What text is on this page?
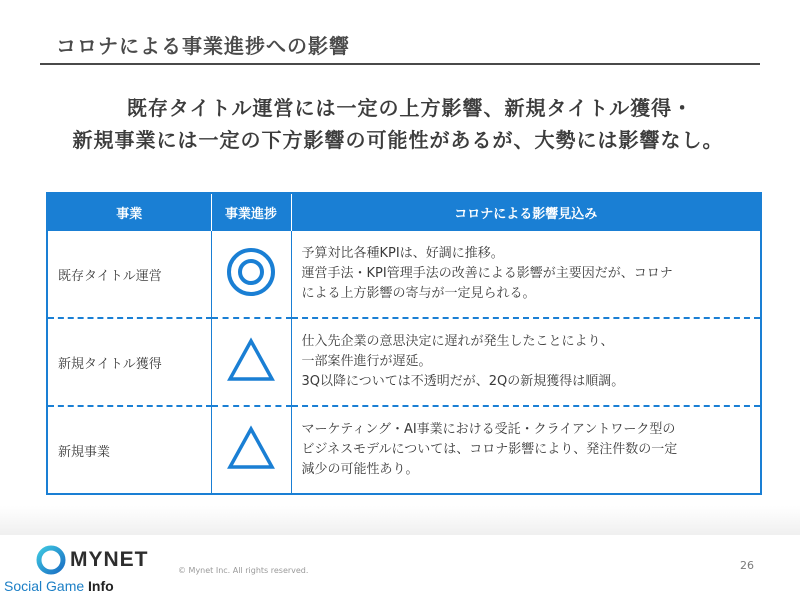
コロナによる事業進捗への影響
既存タイトル運営には一定の上方影響、新規タイトル獲得・
新規事業には一定の下方影響の可能性があるが、大勢には影響なし。
事業	事業進捗	コロナによる影響見込み
既存タイトル運営		予算対比各種KPIは、好調に推移。
運営手法・KPI管理手法の改善による影響が主要因だが、コロナ
による上方影響の寄与が一定見られる。

新規タイトル獲得		仕入先企業の意思決定に遅れが発生したことにより、
一部案件進行が遅延。
3Q以降については不透明だが、2Qの新規獲得は順調。

新規事業		マーケティング・AI事業における受託・クライアントワーク型の
ビジネスモデルについては、コロナ影響により、発注件数の一定
減少の可能性あり。
MYNET	© Mynet Inc. All rights reserved.	26
Social Game Info
